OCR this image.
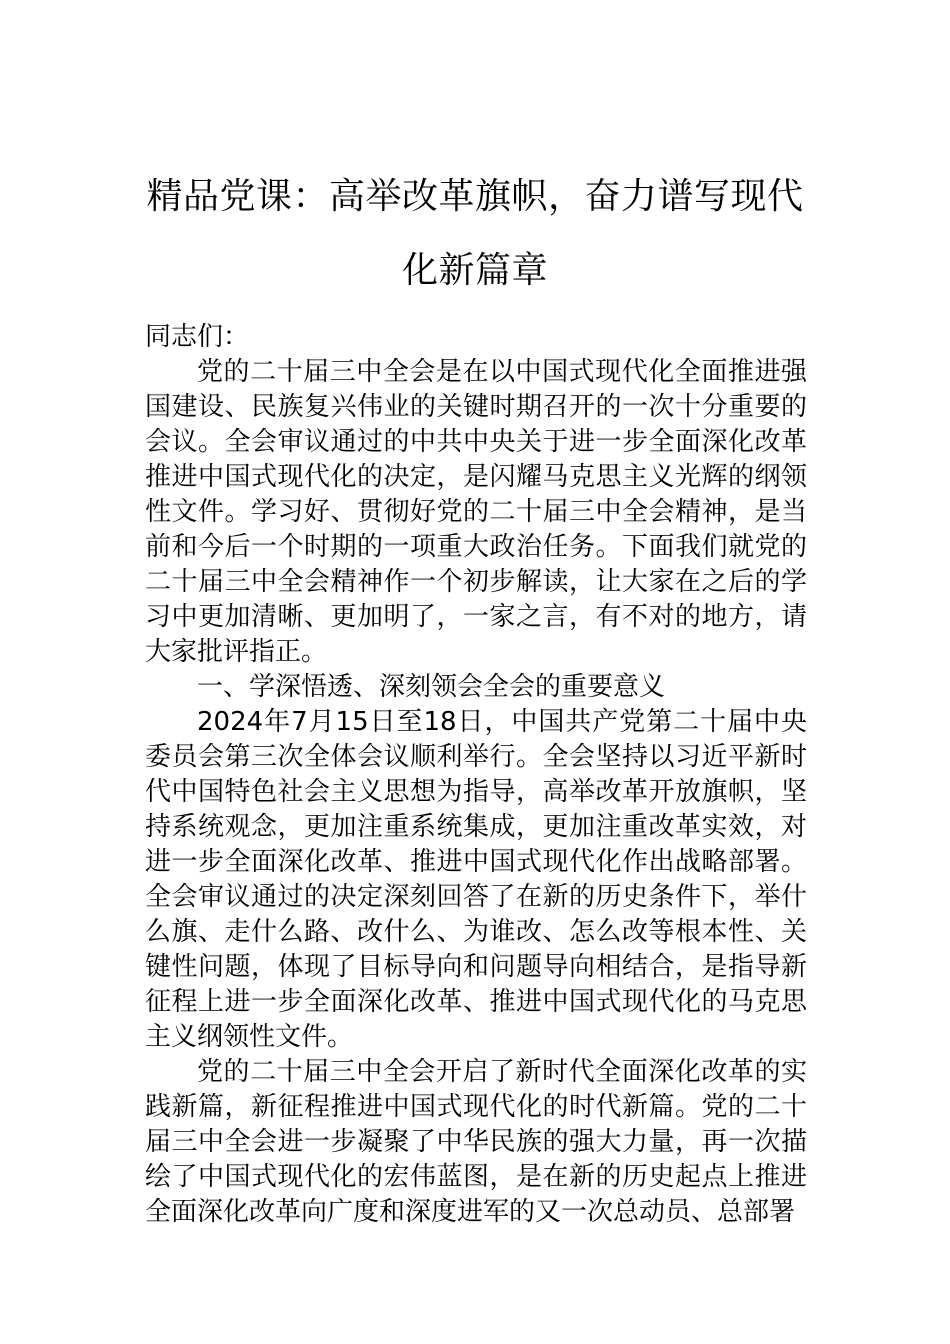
精品党课：高举改革旗帜，奋力谱写现代化新篇章

同志们：

党的二十届三中全会是在以中国式现代化全面推进强国建设、民族复兴伟业的关键时期召开的一次十分重要的会议。全会审议通过的中共中央关于进一步全面深化改革推进中国式现代化的决定，是闪耀马克思主义光辉的纲领性文件。学习好、贯彻好党的二十届三中全会精神，是当前和今后一个时期的一项重大政治任务。下面我们就党的二十届三中全会精神作一个初步解读，让大家在之后的学习中更加清晰、更加明了，一家之言，有不对的地方，请大家批评指正。

一、学深悟透、深刻领会全会的重要意义

2024年7月15日至18日，中国共产党第二十届中央委员会第三次全体会议顺利举行。全会坚持以习近平新时代中国特色社会主义思想为指导，高举改革开放旗帜，坚持系统观念，更加注重系统集成，更加注重改革实效，对进一步全面深化改革、推进中国式现代化作出战略部署。全会审议通过的决定深刻回答了在新的历史条件下，举什么旗、走什么路、改什么、为谁改、怎么改等根本性、关键性问题，体现了目标导向和问题导向相结合，是指导新征程上进一步全面深化改革、推进中国式现代化的马克思主义纲领性文件。

党的二十届三中全会开启了新时代全面深化改革的实践新篇，新征程推进中国式现代化的时代新篇。党的二十届三中全会进一步凝聚了中华民族的强大力量，再一次描绘了中国式现代化的宏伟蓝图，是在新的历史起点上推进全面深化改革向广度和深度进军的又一次总动员、总部署
